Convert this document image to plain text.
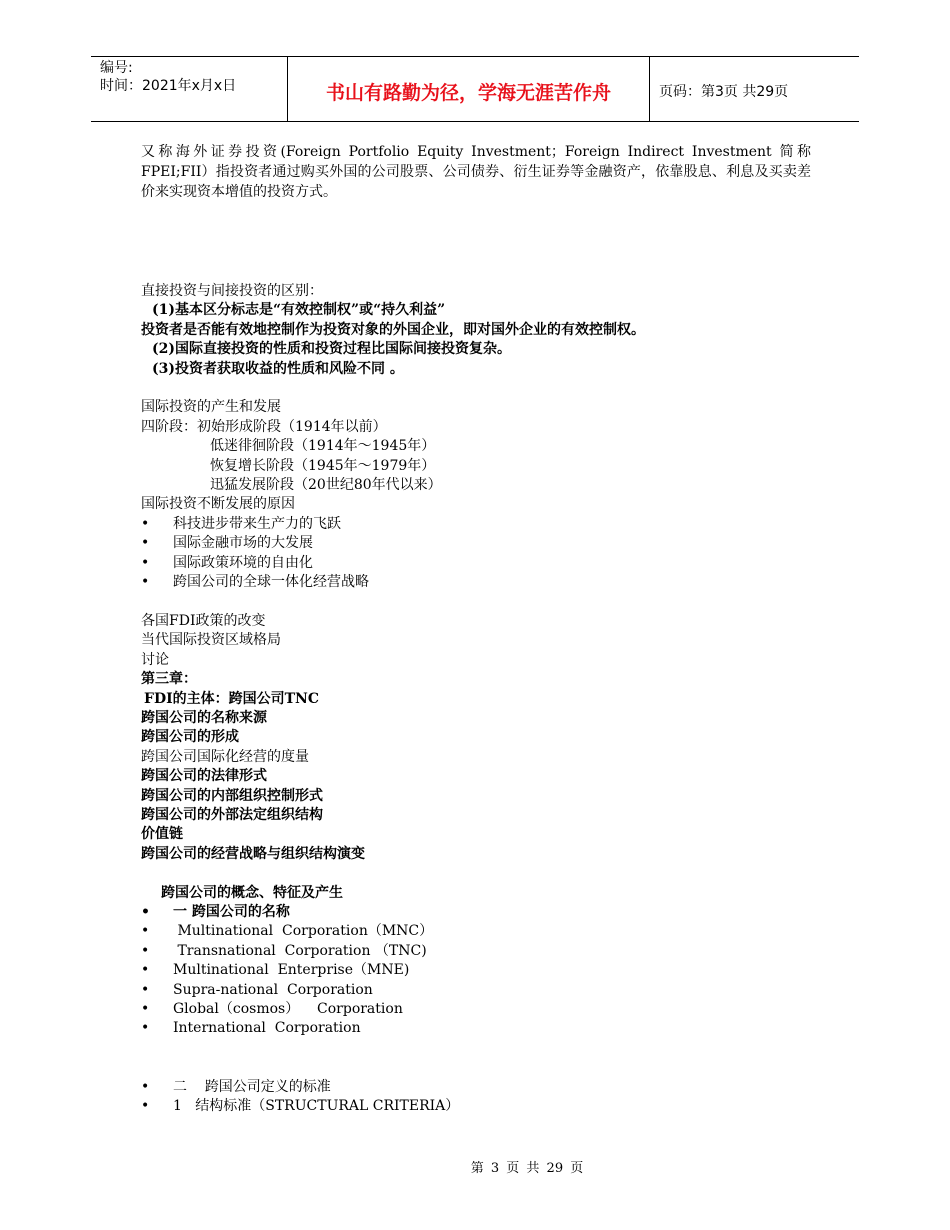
编号:
时间：2021年x月x日	书山有路勤为径，学海无涯苦作舟	页码：第3页 共29页
又称海外证券投资(Foreign Portfolio Equity Investment；Foreign Indirect Investment 简称FPEI;FII）指投资者通过购买外国的公司股票、公司债券、衍生证券等金融资产，依靠股息、利息及买卖差价来实现资本增值的投资方式。
直接投资与间接投资的区别：
(1)基本区分标志是“有效控制权”或“持久利益”
投资者是否能有效地控制作为投资对象的外国企业，即对国外企业的有效控制权。
(2)国际直接投资的性质和投资过程比国际间接投资复杂。
(3)投资者获取收益的性质和风险不同 。
国际投资的产生和发展
四阶段：初始形成阶段（1914年以前）
低迷徘徊阶段（1914年～1945年）
恢复增长阶段（1945年～1979年）
迅猛发展阶段（20世纪80年代以来）
国际投资不断发展的原因
•	科技进步带来生产力的飞跃
•	国际金融市场的大发展
•	国际政策环境的自由化
•	跨国公司的全球一体化经营战略
各国FDI政策的改变
当代国际投资区域格局
讨论
第三章：
FDI的主体：跨国公司TNC
跨国公司的名称来源
跨国公司的形成
跨国公司国际化经营的度量
跨国公司的法律形式
跨国公司的内部组织控制形式
跨国公司的外部法定组织结构
价值链
跨国公司的经营战略与组织结构演变
跨国公司的概念、特征及产生
•	一 跨国公司的名称
•	Multinational  Corporation（MNC）
•	Transnational  Corporation （TNC)
•	Multinational  Enterprise（MNE)
•	Supra-national  Corporation
•	Global（cosmos）    Corporation
•	International  Corporation
•	二    跨国公司定义的标准
•	1   结构标准（STRUCTURAL CRITERIA）
第 3 页 共 29 页
